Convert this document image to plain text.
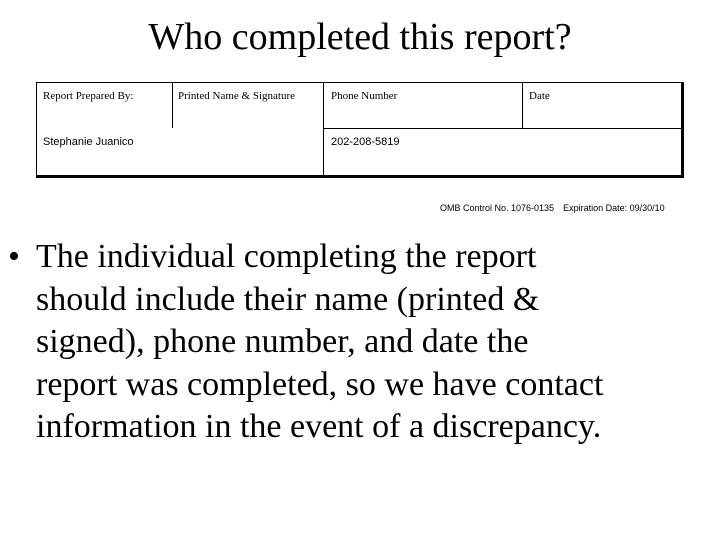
Who completed this report?
Report Prepared By:	Printed Name & Signature	Phone Number	Date
Stephanie Juanico	202-208-5819
OMB Control No. 1076-0135 Expiration Date: 09/30/10
• The individual completing the report
should include their name (printed &
signed), phone number, and date the
report was completed, so we have contact
information in the event of a discrepancy.
